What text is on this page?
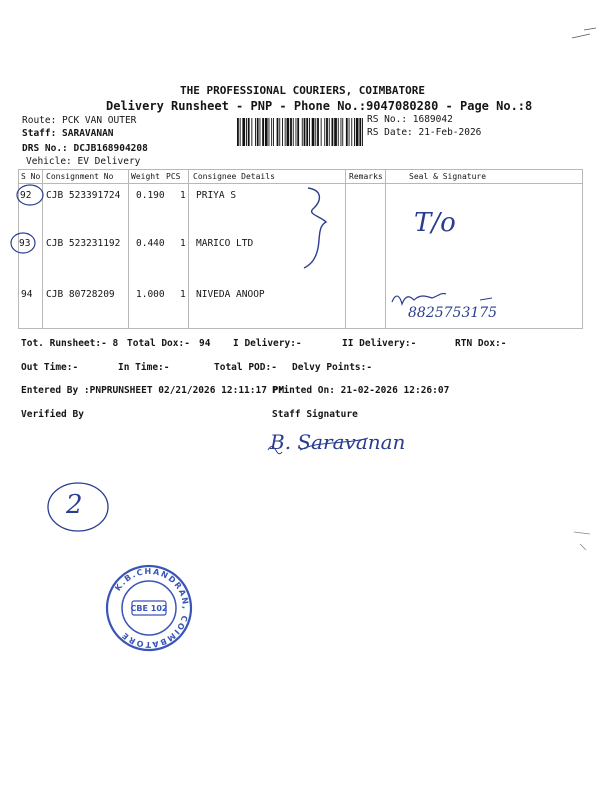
THE PROFESSIONAL COURIERS, COIMBATORE
Delivery Runsheet - PNP - Phone No.:9047080280 - Page No.:8
Route: PCK VAN OUTER
Staff: SARAVANAN
DRS No.: DCJB168904208
Vehicle: EV Delivery
RS No.: 1689042
RS Date: 21-Feb-2026
S No Consignment No Weight PCS Consignee Details	Remarks	Seal & Signature
92 CJB 523391724 0.190 1 PRIYA S
93 CJB 523231192 0.440 1 MARICO LTD
94 CJB 80728209 1.000 1 NIVEDA ANOOP
T/o
8825753175
Tot. Runsheet:- 8 Total Dox:- 94 I Delivery:-	II Delivery:-	RTN Dox:-
Out Time:-	In Time:-	Total POD:- Delvy Points:-
Entered By :PNPRUNSHEET 02/21/2026 12:11:17 PM
Printed On: 21-02-2026 12:26:07
Verified By	Staff Signature
B. Saravanan
2
K.B.CHANDRAN, COIMBATORE
CBE 102
